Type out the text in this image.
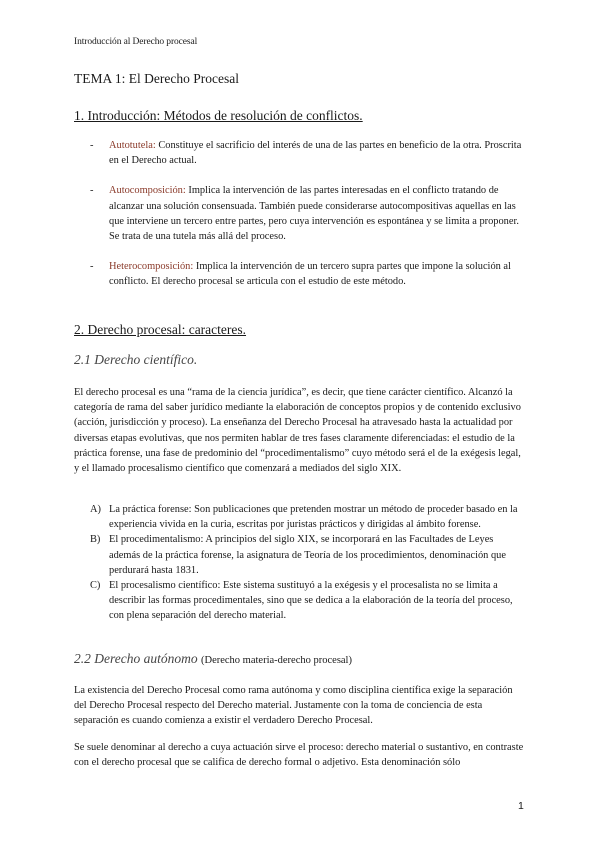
Introducción al Derecho procesal
TEMA 1: El Derecho Procesal
1. Introducción: Métodos de resolución de conflictos.
- Autotutela: Constituye el sacrificio del interés de una de las partes en beneficio de la otra. Proscrita en el Derecho actual.
- Autocomposición: Implica la intervención de las partes interesadas en el conflicto tratando de alcanzar una solución consensuada. También puede considerarse autocompositivas aquellas en las que interviene un tercero entre partes, pero cuya intervención es espontánea y se limita a proponer. Se trata de una tutela más allá del proceso.
- Heterocomposición: Implica la intervención de un tercero supra partes que impone la solución al conflicto. El derecho procesal se articula con el estudio de este método.
2. Derecho procesal: caracteres.
2.1 Derecho científico.
El derecho procesal es una “rama de la ciencia jurídica”, es decir, que tiene carácter científico. Alcanzó la categoría de rama del saber jurídico mediante la elaboración de conceptos propios y de contenido exclusivo (acción, jurisdicción y proceso). La enseñanza del Derecho Procesal ha atravesado hasta la actualidad por diversas etapas evolutivas, que nos permiten hablar de tres fases claramente diferenciadas: el estudio de la práctica forense, una fase de predominio del “procedimentalismo” cuyo método será el de la exégesis legal, y el llamado procesalismo científico que comenzará a mediados del siglo XIX.
A) La práctica forense: Son publicaciones que pretenden mostrar un método de proceder basado en la experiencia vivida en la curia, escritas por juristas prácticos y dirigidas al ámbito forense.
B) El procedimentalismo: A principios del siglo XIX, se incorporará en las Facultades de Leyes además de la práctica forense, la asignatura de Teoría de los procedimientos, denominación que perdurará hasta 1831.
C) El procesalismo científico: Este sistema sustituyó a la exégesis y el procesalista no se limita a describir las formas procedimentales, sino que se dedica a la elaboración de la teoría del proceso, con plena separación del derecho material.
2.2 Derecho autónomo (Derecho materia-derecho procesal)
La existencia del Derecho Procesal como rama autónoma y como disciplina científica exige la separación del Derecho Procesal respecto del Derecho material. Justamente con la toma de conciencia de esta separación es cuando comienza a existir el verdadero Derecho Procesal.
Se suele denominar al derecho a cuya actuación sirve el proceso: derecho material o sustantivo, en contraste con el derecho procesal que se califica de derecho formal o adjetivo. Esta denominación sólo
1
